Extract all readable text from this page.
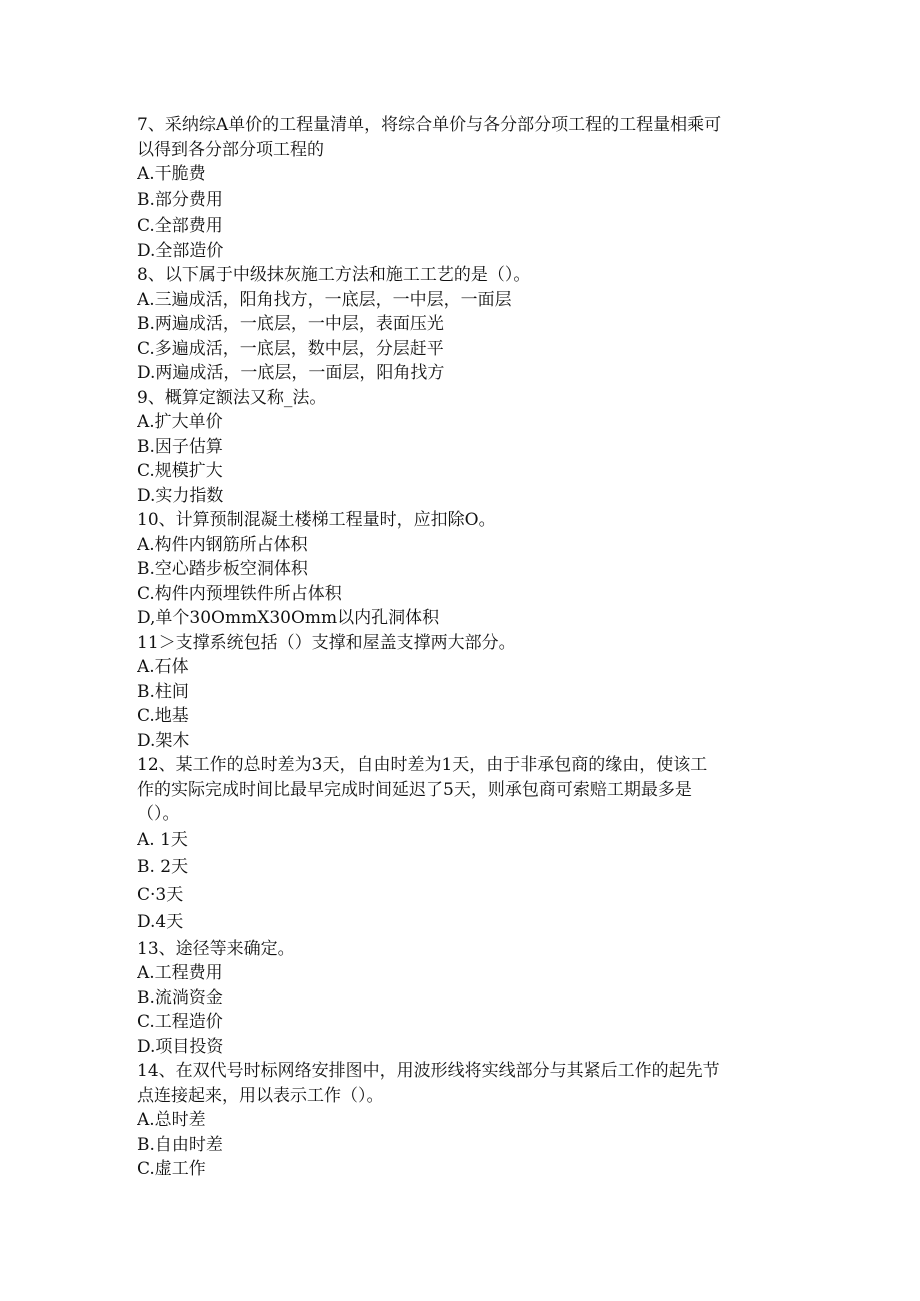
7、采纳综A单价的工程量清单，将综合单价与各分部分项工程的工程量相乘可
以得到各分部分项工程的
A.干脆费
B.部分费用
C.全部费用
D.全部造价
8、以下属于中级抹灰施工方法和施工工艺的是（）。
A.三遍成活，阳角找方，一底层，一中层，一面层
B.两遍成活，一底层，一中层，表面压光
C.多遍成活，一底层，数中层，分层赶平
D.两遍成活，一底层，一面层，阳角找方
9、概算定额法又称_法。
A.扩大单价
B.因子估算
C.规模扩大
D.实力指数
10、计算预制混凝土楼梯工程量时，应扣除O。
A.构件内钢筋所占体积
B.空心踏步板空洞体积
C.构件内预埋铁件所占体积
D,单个30OmmX30Omm以内孔洞体积
11＞支撑系统包括（）支撑和屋盖支撑两大部分。
A.石体
B.柱间
C.地基
D.架木
12、某工作的总时差为3天，自由时差为1天，由于非承包商的缘由，使该工
作的实际完成时间比最早完成时间延迟了5天，则承包商可索赔工期最多是
（）。
A. 1天
B. 2天
C·3天
D.4天
13、途径等来确定。
A.工程费用
B.流淌资金
C.工程造价
D.项目投资
14、在双代号时标网络安排图中，用波形线将实线部分与其紧后工作的起先节
点连接起来，用以表示工作（）。
A.总时差
B.自由时差
C.虚工作
